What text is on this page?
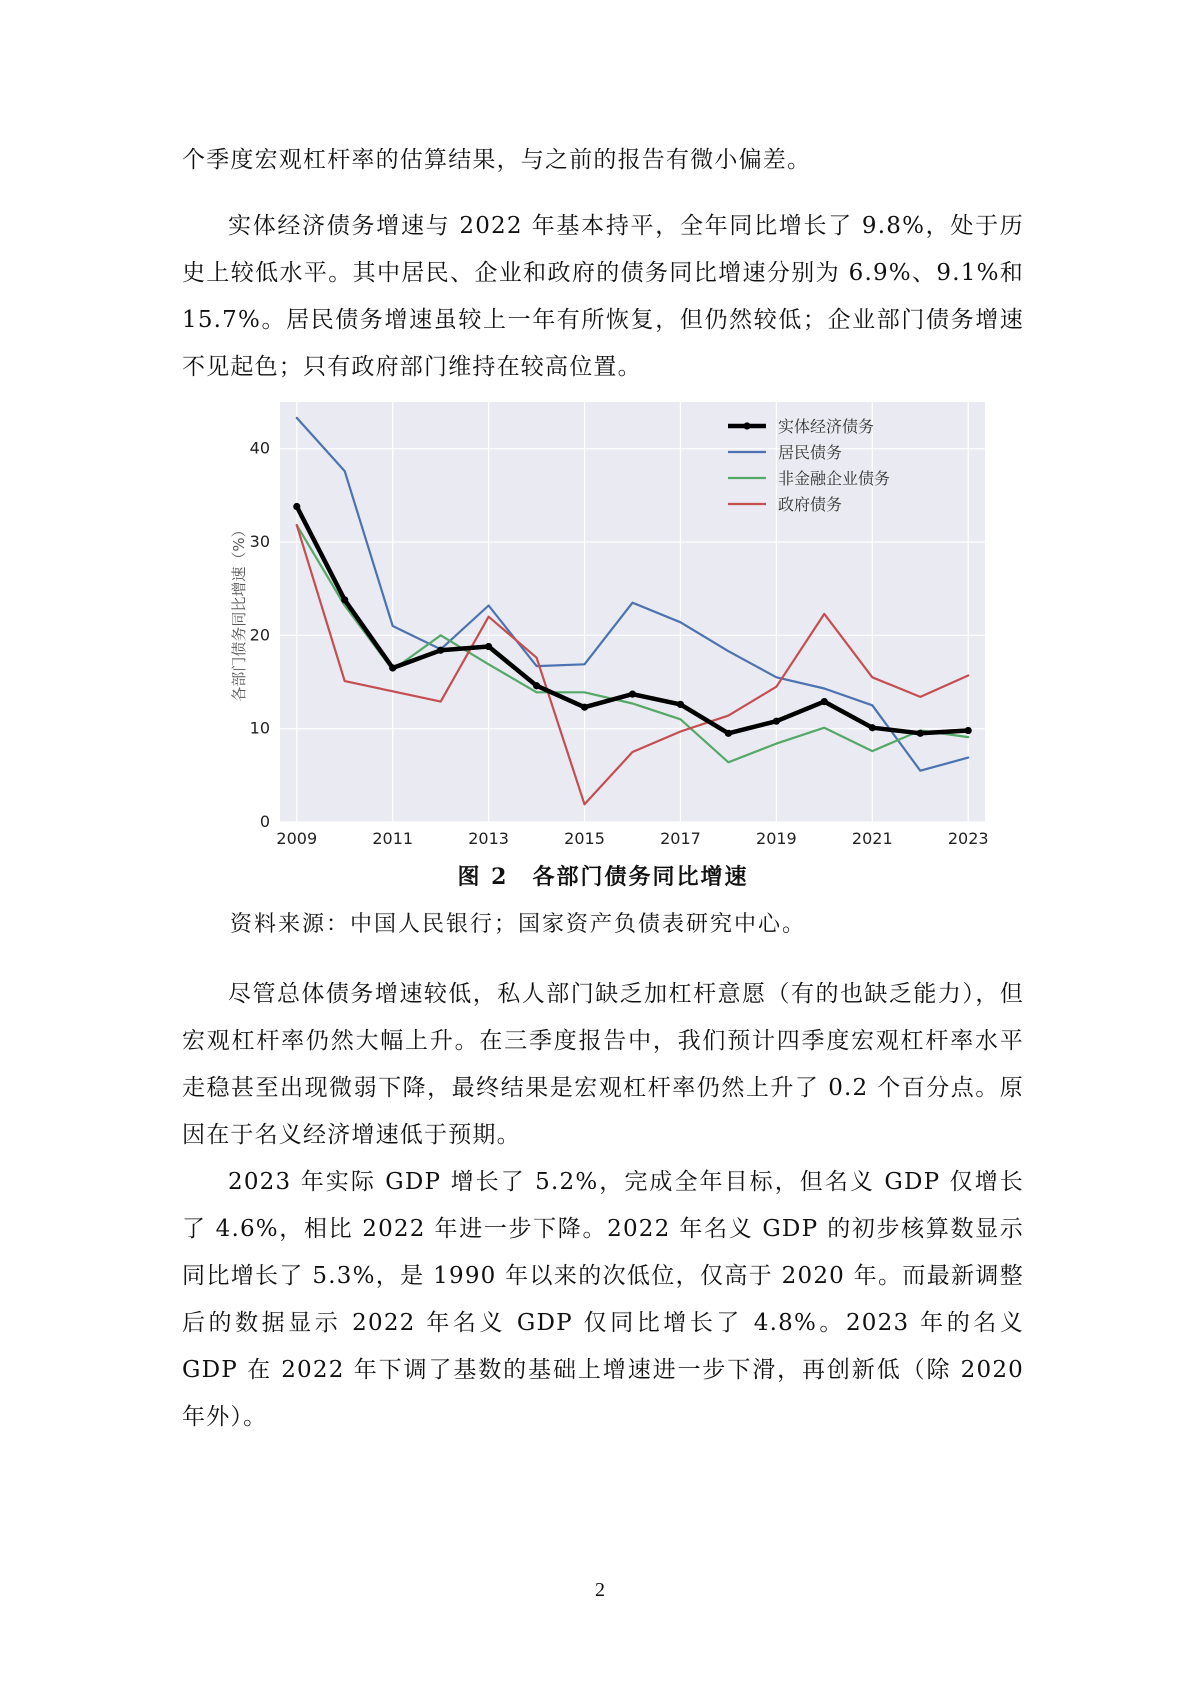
个季度宏观杠杆率的估算结果，与之前的报告有微小偏差。

实体经济债务增速与 2022 年基本持平，全年同比增长了 9.8%，处于历史上较低水平。其中居民、企业和政府的债务同比增速分别为 6.9%、9.1%和 15.7%。居民债务增速虽较上一年有所恢复，但仍然较低；企业部门债务增速不见起色；只有政府部门维持在较高位置。

0
10
20
30
40
2009	2011	2013	2015	2017	2019	2021	2023
各部门债务同比增速（%）
实体经济债务
居民债务
非金融企业债务
政府债务
图 2　各部门债务同比增速
资料来源：中国人民银行；国家资产负债表研究中心。

尽管总体债务增速较低，私人部门缺乏加杠杆意愿（有的也缺乏能力），但宏观杠杆率仍然大幅上升。在三季度报告中，我们预计四季度宏观杠杆率水平走稳甚至出现微弱下降，最终结果是宏观杠杆率仍然上升了 0.2 个百分点。原因在于名义经济增速低于预期。

2023 年实际 GDP 增长了 5.2%，完成全年目标，但名义 GDP 仅增长了 4.6%，相比 2022 年进一步下降。2022 年名义 GDP 的初步核算数显示同比增长了 5.3%，是 1990 年以来的次低位，仅高于 2020 年。而最新调整后的数据显示 2022 年名义 GDP 仅同比增长了 4.8%。2023 年的名义 GDP 在 2022 年下调了基数的基础上增速进一步下滑，再创新低（除 2020 年外）。

2
